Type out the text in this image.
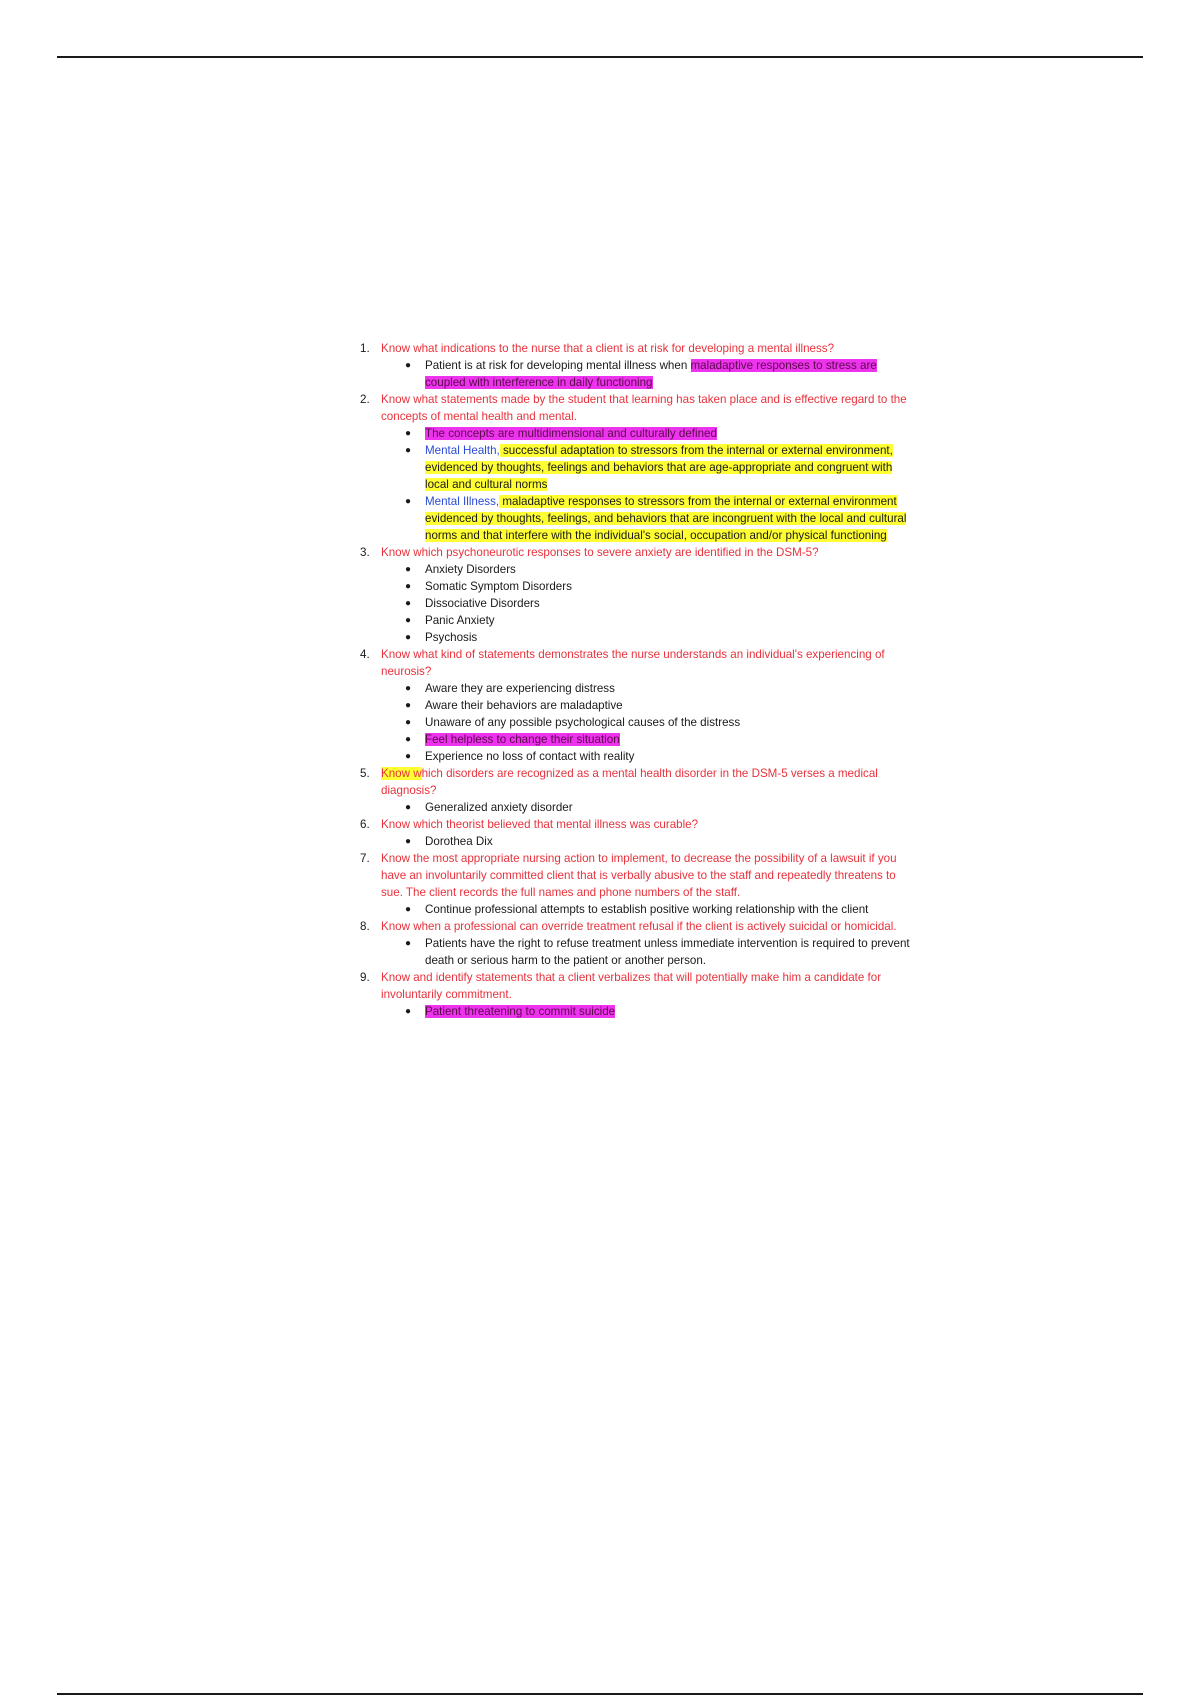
1. Know what indications to the nurse that a client is at risk for developing a mental illness?
● Patient is at risk for developing mental illness when maladaptive responses to stress are coupled with interference in daily functioning
2. Know what statements made by the student that learning has taken place and is effective regard to the concepts of mental health and mental.
● The concepts are multidimensional and culturally defined
● Mental Health, successful adaptation to stressors from the internal or external environment, evidenced by thoughts, feelings and behaviors that are age-appropriate and congruent with local and cultural norms
● Mental Illness, maladaptive responses to stressors from the internal or external environment evidenced by thoughts, feelings, and behaviors that are incongruent with the local and cultural norms and that interfere with the individual's social, occupation and/or physical functioning
3. Know which psychoneurotic responses to severe anxiety are identified in the DSM-5?
● Anxiety Disorders
● Somatic Symptom Disorders
● Dissociative Disorders
● Panic Anxiety
● Psychosis
4. Know what kind of statements demonstrates the nurse understands an individual's experiencing of neurosis?
● Aware they are experiencing distress
● Aware their behaviors are maladaptive
● Unaware of any possible psychological causes of the distress
● Feel helpless to change their situation
● Experience no loss of contact with reality
5. Know which disorders are recognized as a mental health disorder in the DSM-5 verses a medical diagnosis?
● Generalized anxiety disorder
6. Know which theorist believed that mental illness was curable?
● Dorothea Dix
7. Know the most appropriate nursing action to implement, to decrease the possibility of a lawsuit if you have an involuntarily committed client that is verbally abusive to the staff and repeatedly threatens to sue. The client records the full names and phone numbers of the staff.
● Continue professional attempts to establish positive working relationship with the client
8. Know when a professional can override treatment refusal if the client is actively suicidal or homicidal.
● Patients have the right to refuse treatment unless immediate intervention is required to prevent death or serious harm to the patient or another person.
9. Know and identify statements that a client verbalizes that will potentially make him a candidate for involuntarily commitment.
● Patient threatening to commit suicide
